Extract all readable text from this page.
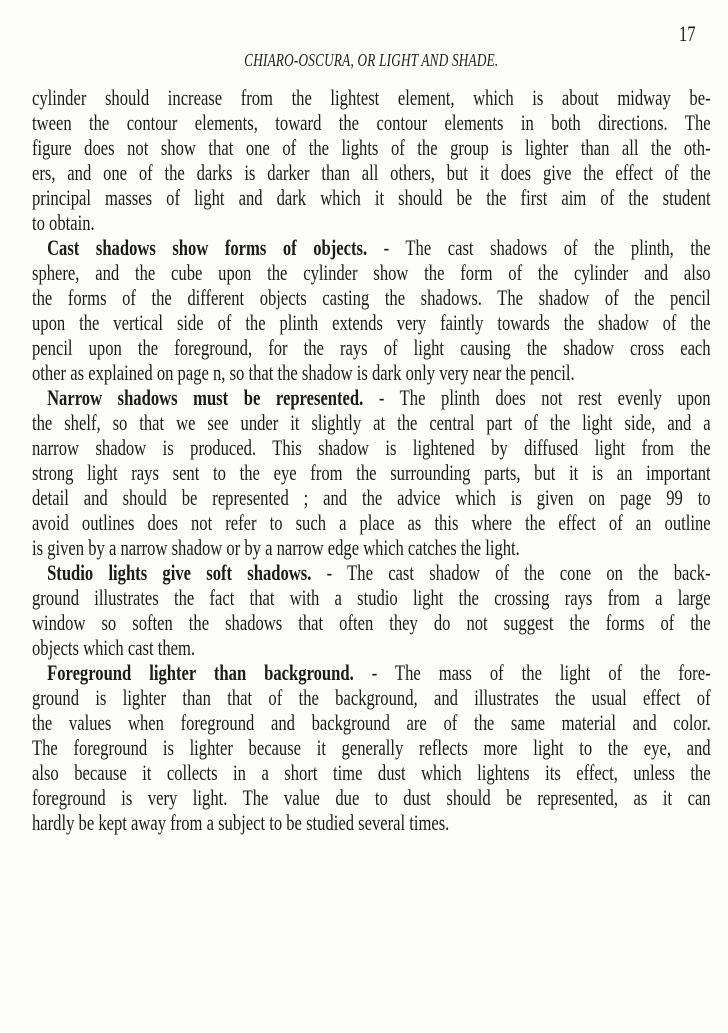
17
CHIARO-OSCURA, OR LIGHT AND SHADE.
cylinder should increase from the lightest element, which is about midway be-
tween the contour elements, toward the contour elements in both directions. The
figure does not show that one of the lights of the group is lighter than all the oth-
ers, and one of the darks is darker than all others, but it does give the effect of the
principal masses of light and dark which it should be the first aim of the student
to obtain.
Cast shadows show forms of objects. - The cast shadows of the plinth, the
sphere, and the cube upon the cylinder show the form of the cylinder and also
the forms of the different objects casting the shadows. The shadow of the pencil
upon the vertical side of the plinth extends very faintly towards the shadow of the
pencil upon the foreground, for the rays of light causing the shadow cross each
other as explained on page n, so that the shadow is dark only very near the pencil.
Narrow shadows must be represented. - The plinth does not rest evenly upon
the shelf, so that we see under it slightly at the central part of the light side, and a
narrow shadow is produced. This shadow is lightened by diffused light from the
strong light rays sent to the eye from the surrounding parts, but it is an important
detail and should be represented ; and the advice which is given on page 99 to
avoid outlines does not refer to such a place as this where the effect of an outline
is given by a narrow shadow or by a narrow edge which catches the light.
Studio lights give soft shadows. - The cast shadow of the cone on the back-
ground illustrates the fact that with a studio light the crossing rays from a large
window so soften the shadows that often they do not suggest the forms of the
objects which cast them.
Foreground lighter than background. - The mass of the light of the fore-
ground is lighter than that of the background, and illustrates the usual effect of
the values when foreground and background are of the same material and color.
The foreground is lighter because it generally reflects more light to the eye, and
also because it collects in a short time dust which lightens its effect, unless the
foreground is very light. The value due to dust should be represented, as it can
hardly be kept away from a subject to be studied several times.
